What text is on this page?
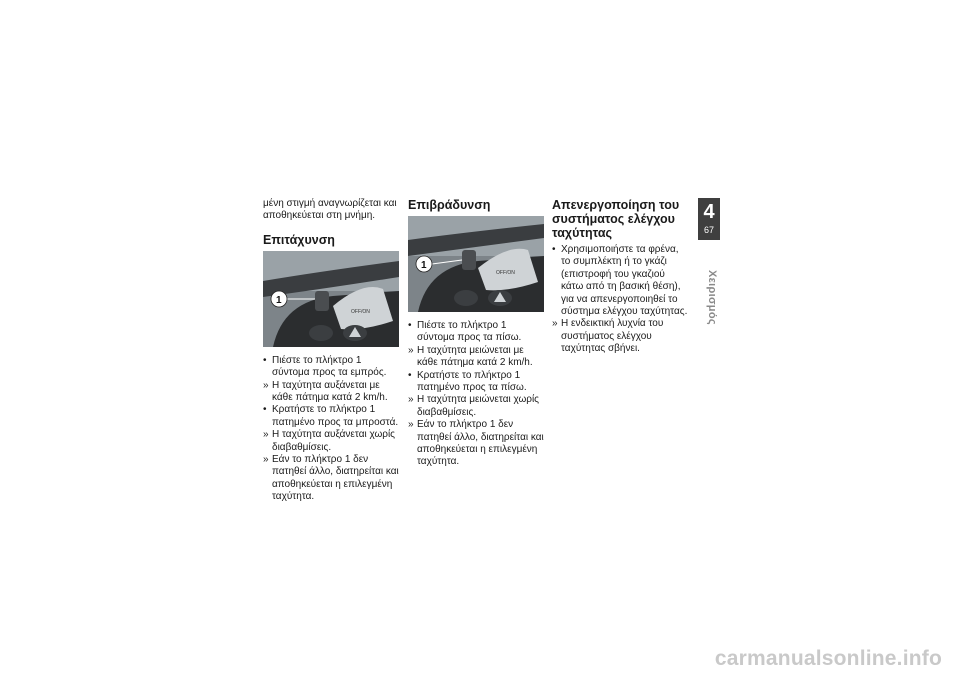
μένη στιγμή αναγνωρίζεται και αποθηκεύεται στη μνήμη.

Επιτάχυνση
OFF/ON
1

• Πιέστε το πλήκτρο 1 σύντομα προς τα εμπρός.

» Η ταχύτητα αυξάνεται με κάθε πάτημα κατά 2 km/h.

• Κρατήστε το πλήκτρο 1 πατημένο προς τα μπροστά.

» Η ταχύτητα αυξάνεται χωρίς διαβαθμίσεις.

» Εάν το πλήκτρο 1 δεν πατηθεί άλλο, διατηρείται και αποθηκεύεται η επιλεγμένη ταχύτητα.

Επιβράδυνση
OFF/ON
1

• Πιέστε το πλήκτρο 1 σύντομα προς τα πίσω.

» Η ταχύτητα μειώνεται με κάθε πάτημα κατά 2 km/h.

• Κρατήστε το πλήκτρο 1 πατημένο προς τα πίσω.

» Η ταχύτητα μειώνεται χωρίς διαβαθμίσεις.

» Εάν το πλήκτρο 1 δεν πατηθεί άλλο, διατηρείται και αποθηκεύεται η επιλεγμένη ταχύτητα.

Απενεργοποίηση του συστήματος ελέγχου ταχύτητας

• Χρησιμοποιήστε τα φρένα, το συμπλέκτη ή το γκάζι (επιστροφή του γκαζιού κάτω από τη βασική θέση), για να απενεργοποιηθεί το σύστημα ελέγχου ταχύτητας.

» Η ενδεικτική λυχνία του συστήματος ελέγχου ταχύτητας σβήνει.

4
67
Χειρισμός
carmanualsonline.info
